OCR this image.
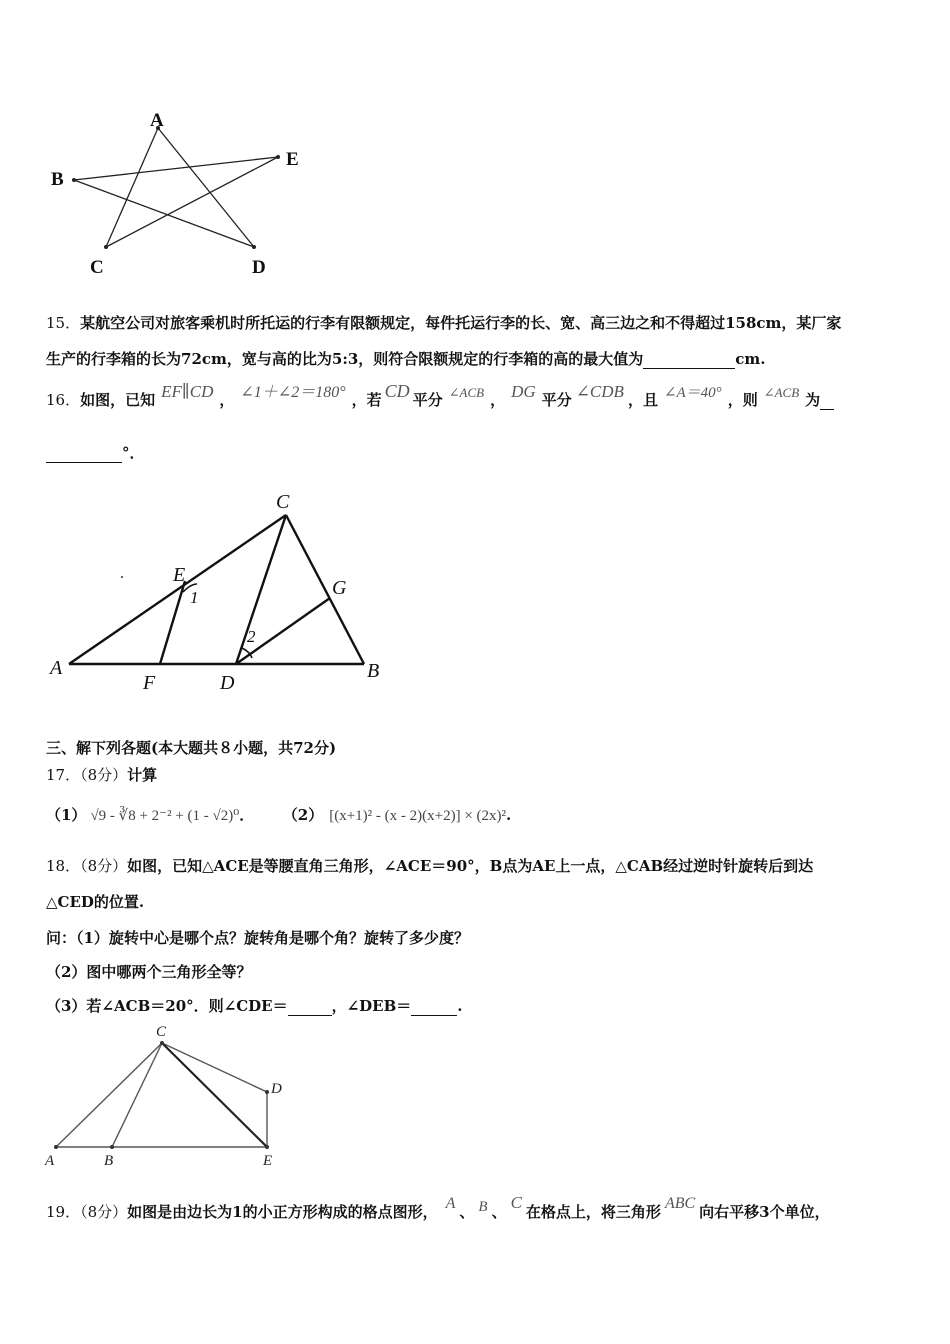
A
B
E
C	D
15．某航空公司对旅客乘机时所托运的行李有限额规定，每件托运行李的长、宽、高三边之和不得超过158cm，某厂家
生产的行李箱的长为72cm，宽与高的比为5:3，则符合限额规定的行李箱的高的最大值为	cm.
16．如图，已知 EF∥CD ， ∠1＋∠2＝180° ，若 CD 平分 ∠ACB ， DG 平分 ∠CDB ，且 ∠A＝40° ，则 ∠ACB 为
°．
C
E
1	G
2
A
F	D
B
三、解下列各题(本大题共８小题，共72分)
17．（8分）计算
（1） √9 - ∛8 + 2⁻² + (1 - √2)⁰． （2） [(x+1)² - (x - 2)(x+2)] × (2x)².
18．（8分）如图，已知△ACE是等腰直角三角形，∠ACE＝90°，B点为AE上一点，△CAB经过逆时针旋转后到达
△CED的位置.
问：（1）旋转中心是哪个点？旋转角是哪个角？旋转了多少度？
（2）图中哪两个三角形全等？
（3）若∠ACB＝20°．则∠CDE＝	，∠DEB＝	.
C
D
A	B	E
19．（8分）如图是由边长为1的小正方形构成的格点图形， A 、 B 、 C 在格点上，将三角形 ABC 向右平移3个单位，
